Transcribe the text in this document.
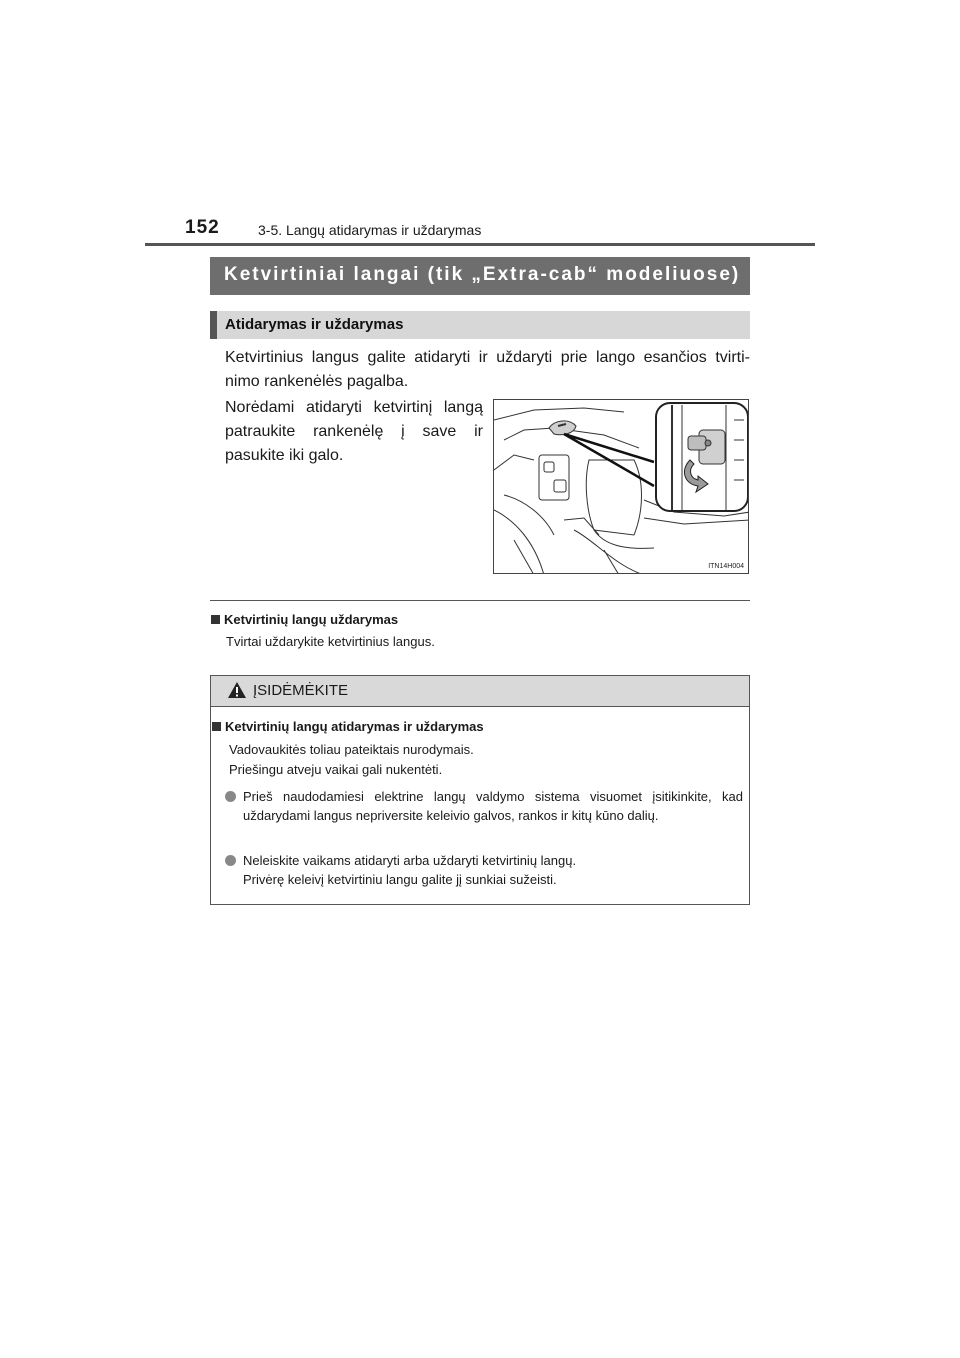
152	3-5. Langų atidarymas ir uždarymas
Ketvirtiniai langai (tik „Extra-cab“ modeliuose)
Atidarymas ir uždarymas
Ketvirtinius langus galite atidaryti ir uždaryti prie lango esančios tvirti- nimo rankenėlės pagalba.
Norėdami atidaryti ketvirtinį langą patraukite rankenėlę į save ir pasukite iki galo.
ITN14H004
Ketvirtinių langų uždarymas
Tvirtai uždarykite ketvirtinius langus.
ĮSIDĖMĖKITE
Ketvirtinių langų atidarymas ir uždarymas
Vadovaukitės toliau pateiktais nurodymais.
Priešingu atveju vaikai gali nukentėti.
Prieš naudodamiesi elektrine langų valdymo sistema visuomet įsitikinkite, kad uždarydami langus nepriversite keleivio galvos, rankos ir kitų kūno dalių.
Neleiskite vaikams atidaryti arba uždaryti ketvirtinių langų.
Privėrę keleivį ketvirtiniu langu galite jį sunkiai sužeisti.
